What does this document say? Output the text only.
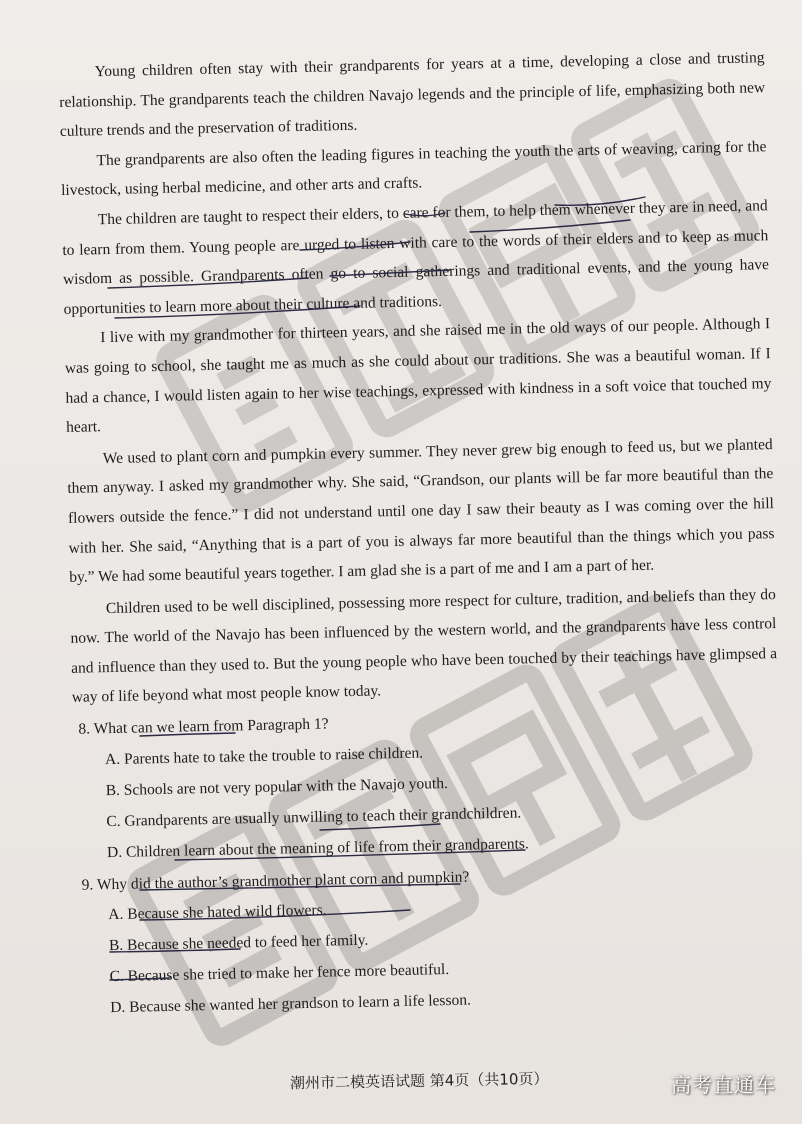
Young children often stay with their grandparents for years at a time, developing a close and trusting relationship. The grandparents teach the children Navajo legends and the principle of life, emphasizing both new culture trends and the preservation of traditions.

The grandparents are also often the leading figures in teaching the youth the arts of weaving, caring for the livestock, using herbal medicine, and other arts and crafts.

The children are taught to respect their elders, to care for them, to help them whenever they are in need, and to learn from them. Young people are urged to listen with care to the words of their elders and to keep as much wisdom as possible. Grandparents often go to social gatherings and traditional events, and the young have opportunities to learn more about their culture and traditions.

I live with my grandmother for thirteen years, and she raised me in the old ways of our people. Although I was going to school, she taught me as much as she could about our traditions. She was a beautiful woman. If I had a chance, I would listen again to her wise teachings, expressed with kindness in a soft voice that touched my heart.

We used to plant corn and pumpkin every summer. They never grew big enough to feed us, but we planted them anyway. I asked my grandmother why. She said, “Grandson, our plants will be far more beautiful than the flowers outside the fence.” I did not understand until one day I saw their beauty as I was coming over the hill with her. She said, “Anything that is a part of you is always far more beautiful than the things which you pass by.” We had some beautiful years together. I am glad she is a part of me and I am a part of her.

Children used to be well disciplined, possessing more respect for culture, tradition, and beliefs than they do now. The world of the Navajo has been influenced by the western world, and the grandparents have less control and influence than they used to. But the young people who have been touched by their teachings have glimpsed a way of life beyond what most people know today.

8. What can we learn from Paragraph 1?

A. Parents hate to take the trouble to raise children.
B. Schools are not very popular with the Navajo youth.
C. Grandparents are usually unwilling to teach their grandchildren.
D. Children learn about the meaning of life from their grandparents.

9. Why did the author’s grandmother plant corn and pumpkin?

A. Because she hated wild flowers.
B. Because she needed to feed her family.
C. Because she tried to make her fence more beautiful.
D. Because she wanted her grandson to learn a life lesson.
潮州市二模英语试题 第4页（共10页）	高考直通车
